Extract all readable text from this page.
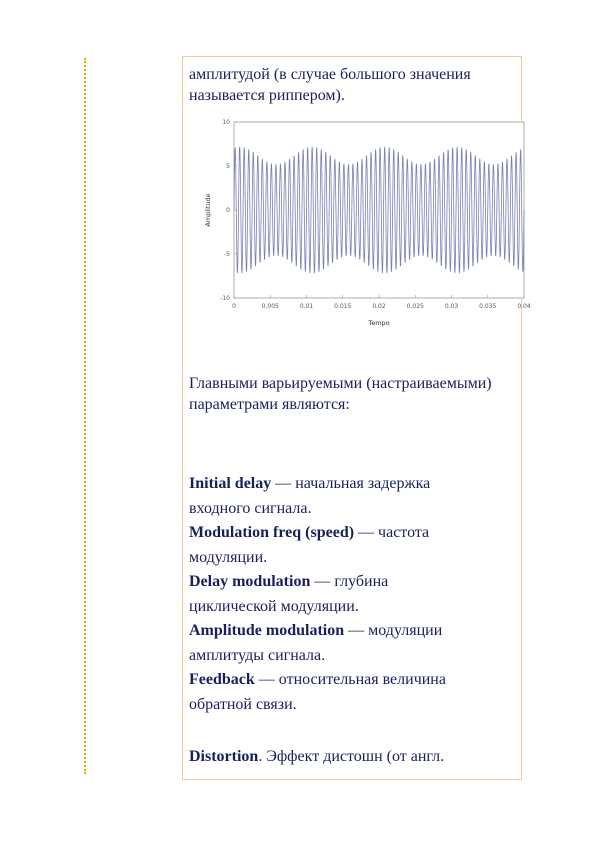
амплитудой (в случае большого значения называется риппером).
10
5
0
-5
-10
0	0.005	0.01	0.015	0.02	0.025	0.03	0.035	0.04
Tempo
Amplitude
Главными варьируемыми (настраиваемыми) параметрами являются:
Initial delay — начальная задержка
входного сигнала.
Modulation freq (speed) — частота
модуляции.
Delay modulation — глубина
циклической модуляции.
Amplitude modulation — модуляции
амплитуды сигнала.
Feedback — относительная величина
обратной связи.
Distortion. Эффект дистошн (от англ.
